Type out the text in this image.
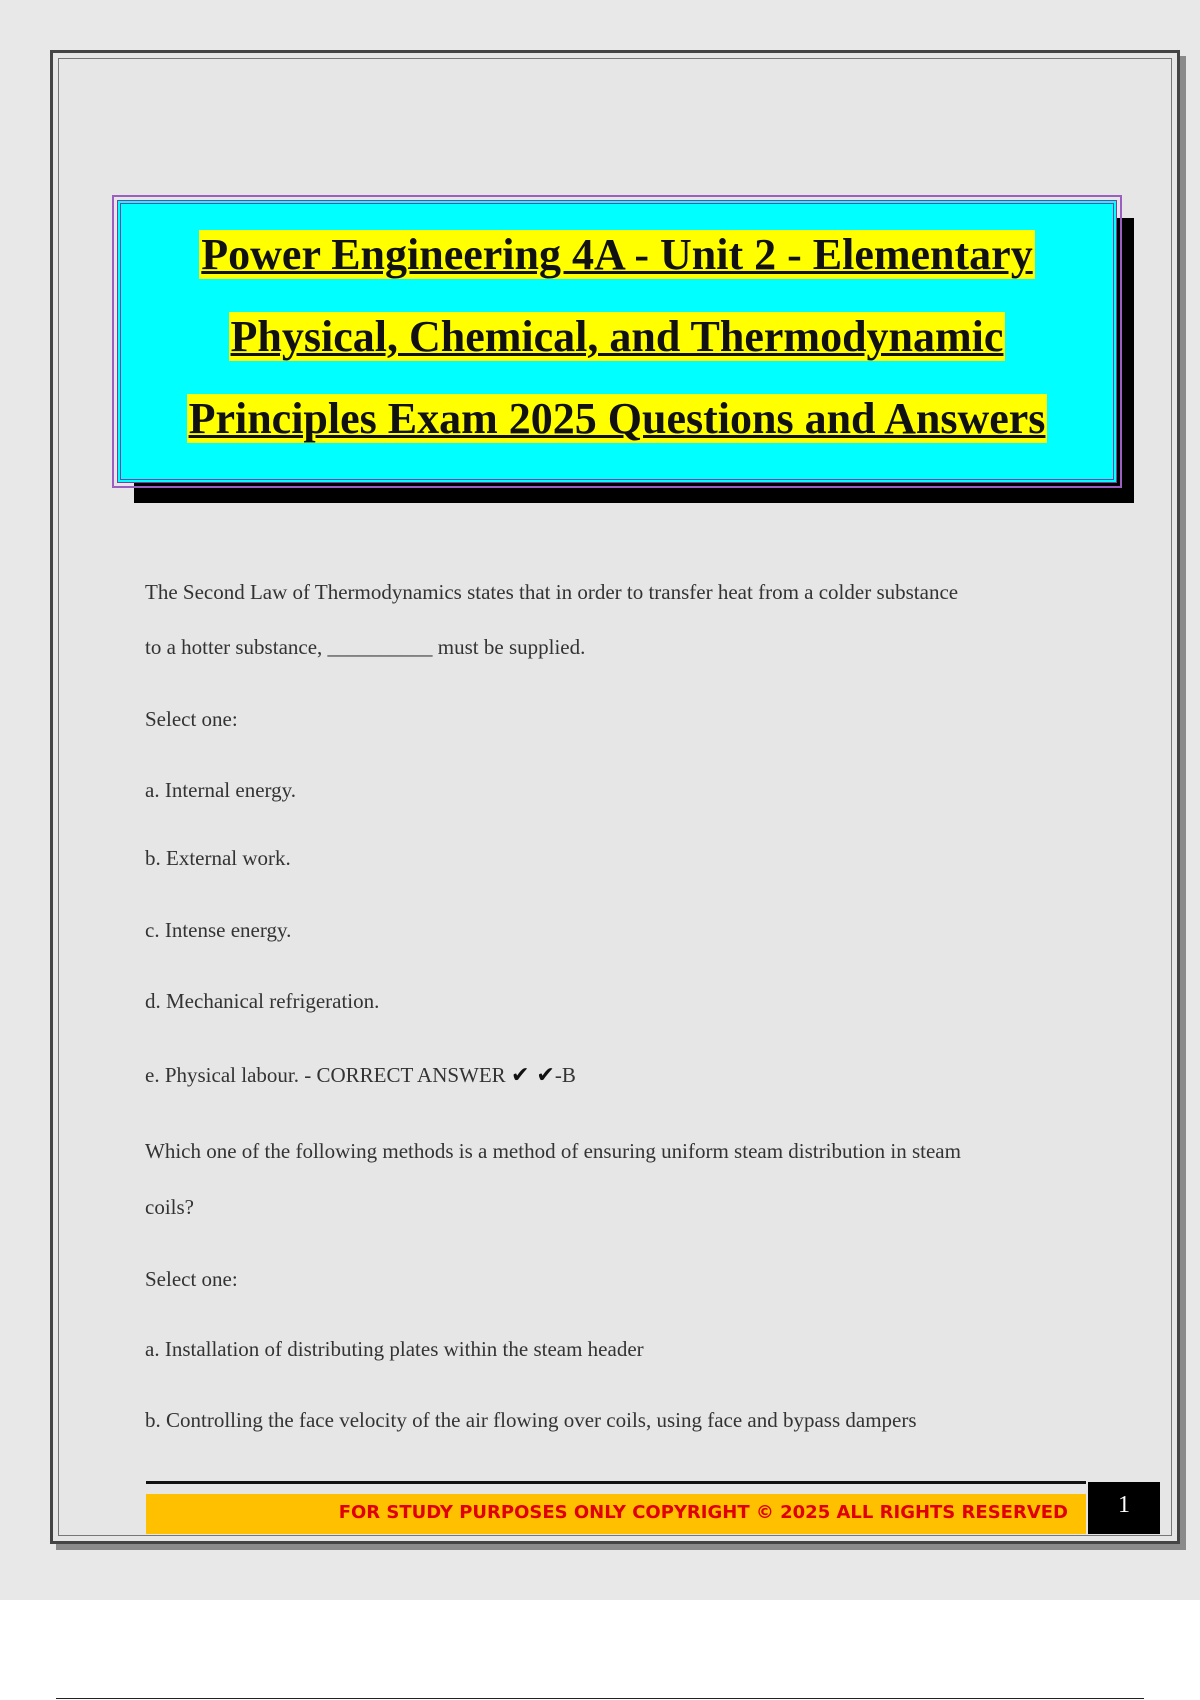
Power Engineering 4A - Unit 2 - Elementary
Physical, Chemical, and Thermodynamic
Principles Exam 2025 Questions and Answers
The Second Law of Thermodynamics states that in order to transfer heat from a colder substance
to a hotter substance, __________ must be supplied.
Select one:
a. Internal energy.
b. External work.
c. Intense energy.
d. Mechanical refrigeration.
e. Physical labour. - CORRECT ANSWER ✔ ✔-B
Which one of the following methods is a method of ensuring uniform steam distribution in steam
coils?
Select one:
a. Installation of distributing plates within the steam header
b. Controlling the face velocity of the air flowing over coils, using face and bypass dampers
FOR STUDY PURPOSES ONLY COPYRIGHT © 2025 ALL RIGHTS RESERVED	1
